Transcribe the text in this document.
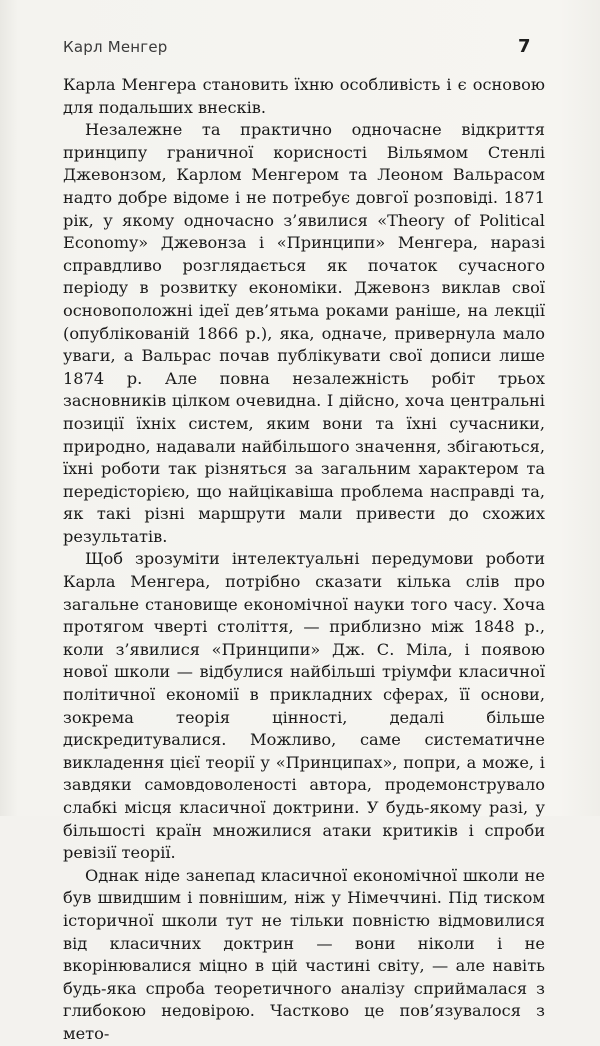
Карл Менгер	7

Карла Менгера становить їхню особливість і є основою для подальших внесків.

Незалежне та практично одночасне відкриття принципу граничної корисності Вільямом Стенлі Джевонзом, Карлом Менгером та Леоном Вальрасом надто добре відоме і не потребує довгої розповіді. 1871 рік, у якому одночасно з’явилися «Theory of Political Economy» Джевонза і «Принципи» Менгера, наразі справдливо розглядається як початок сучасного періоду в розвитку економіки. Джевонз виклав свої основоположні ідеї дев’ятьма роками раніше, на лекції (опублікованій 1866 р.), яка, одначе, привернула мало уваги, а Вальрас почав публікувати свої дописи лише 1874 р. Але повна незалежність робіт трьох засновників цілком очевидна. І дійсно, хоча центральні позиції їхніх систем, яким вони та їхні сучасники, природно, надавали найбільшого значення, збігаються, їхні роботи так різняться за загальним характером та передісторією, що найцікавіша проблема насправді та, як такі різні маршрути мали привести до схожих результатів.

Щоб зрозуміти інтелектуальні передумови роботи Карла Менгера, потрібно сказати кілька слів про загальне становище економічної науки того часу. Хоча протягом чверті століття, — приблизно між 1848 р., коли з’явилися «Принципи» Дж. С. Міла, і появою нової школи — відбулися найбільші тріумфи класичної політичної економії в прикладних сферах, її основи, зокрема теорія цінності, дедалі більше дискредитувалися. Можливо, саме систематичне викладення цієї теорії у «Принципах», попри, а може, і завдяки самовдоволеності автора, продемонструвало слабкі місця класичної доктрини. У будь-якому разі, у більшості країн множилися атаки критиків і спроби ревізії теорії.

Однак ніде занепад класичної економічної школи не був швидшим і повнішим, ніж у Німеччині. Під тиском історичної школи тут не тільки повністю відмовилися від класичних доктрин — вони ніколи і не вкорінювалися міцно в цій частині світу, — але навіть будь-яка спроба теоретичного аналізу сприймалася з глибокою недовірою. Частково це пов’язувалося з мето-
